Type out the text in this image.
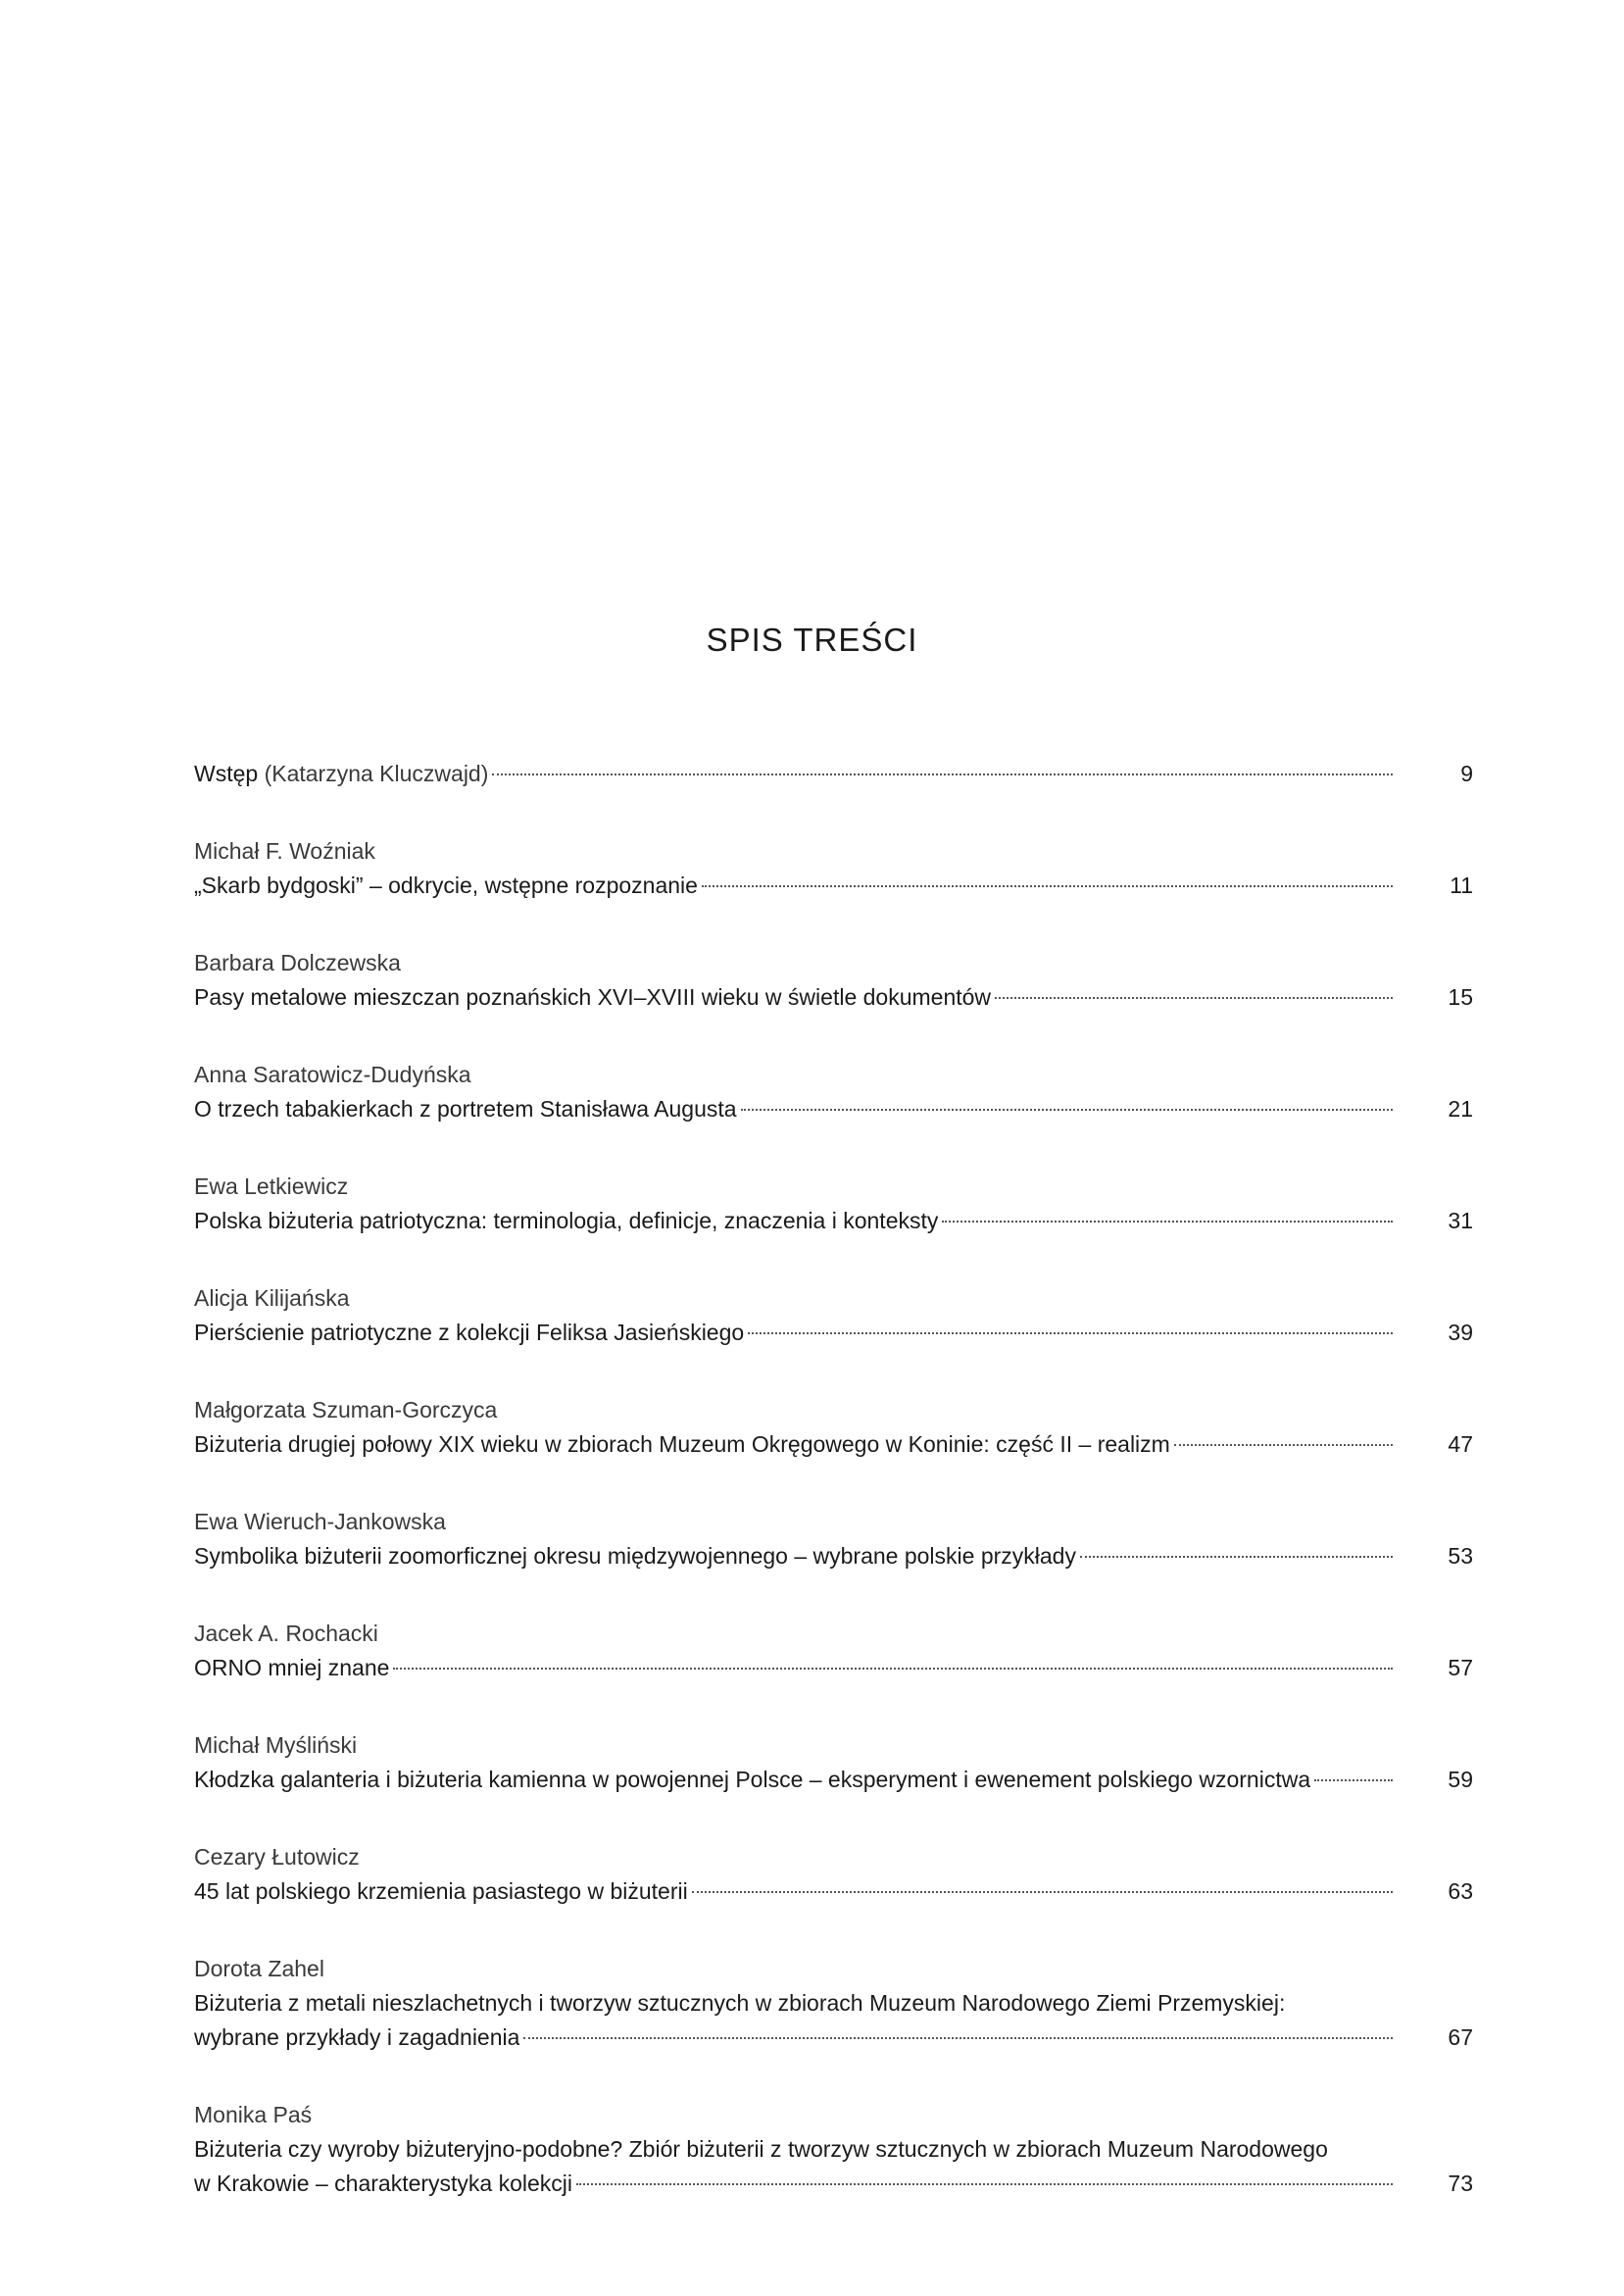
SPIS TREŚCI
Wstęp (Katarzyna Kluczwajd)	9
Michał F. Woźniak
„Skarb bydgoski” – odkrycie, wstępne rozpoznanie	11
Barbara Dolczewska
Pasy metalowe mieszczan poznańskich XVI–XVIII wieku w świetle dokumentów	15
Anna Saratowicz-Dudyńska
O trzech tabakierkach z portretem Stanisława Augusta	21
Ewa Letkiewicz
Polska biżuteria patriotyczna: terminologia, definicje, znaczenia i konteksty	31
Alicja Kilijańska
Pierścienie patriotyczne z kolekcji Feliksa Jasieńskiego	39
Małgorzata Szuman-Gorczyca
Biżuteria drugiej połowy XIX wieku w zbiorach Muzeum Okręgowego w Koninie: część II – realizm	47
Ewa Wieruch-Jankowska
Symbolika biżuterii zoomorficznej okresu międzywojennego – wybrane polskie przykłady	53
Jacek A. Rochacki
ORNO mniej znane	57
Michał Myśliński
Kłodzka galanteria i biżuteria kamienna w powojennej Polsce – eksperyment i ewenement polskiego wzornictwa	59
Cezary Łutowicz
45 lat polskiego krzemienia pasiastego w biżuterii	63
Dorota Zahel
Biżuteria z metali nieszlachetnych i tworzyw sztucznych w zbiorach Muzeum Narodowego Ziemi Przemyskiej:
wybrane przykłady i zagadnienia	67
Monika Paś
Biżuteria czy wyroby biżuteryjno-podobne? Zbiór biżuterii z tworzyw sztucznych w zbiorach Muzeum Narodowego
w Krakowie – charakterystyka kolekcji	73
